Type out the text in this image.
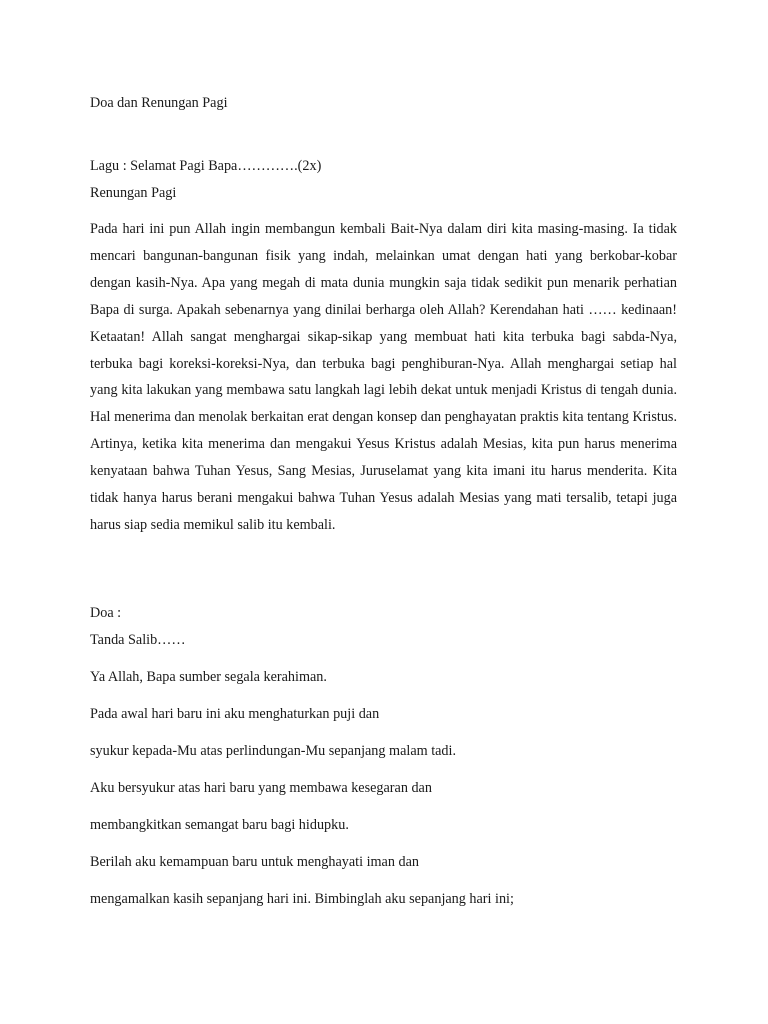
Doa dan Renungan Pagi
Lagu : Selamat Pagi Bapa………….(2x)
Renungan Pagi
Pada hari ini pun Allah ingin membangun kembali Bait-Nya dalam diri kita masing-masing. Ia tidak mencari bangunan-bangunan fisik yang indah, melainkan umat dengan hati yang berkobar-kobar dengan kasih-Nya. Apa yang megah di mata dunia mungkin saja tidak sedikit pun menarik perhatian Bapa di surga. Apakah sebenarnya yang dinilai berharga oleh Allah? Kerendahan hati …… kedinaan! Ketaatan! Allah sangat menghargai sikap-sikap yang membuat hati kita terbuka bagi sabda-Nya, terbuka bagi koreksi-koreksi-Nya, dan terbuka bagi penghiburan-Nya. Allah menghargai setiap hal yang kita lakukan yang membawa satu langkah lagi lebih dekat untuk menjadi Kristus di tengah dunia. Hal menerima dan menolak berkaitan erat dengan konsep dan penghayatan praktis kita tentang Kristus. Artinya, ketika kita menerima dan mengakui Yesus Kristus adalah Mesias, kita pun harus menerima kenyataan bahwa Tuhan Yesus, Sang Mesias, Juruselamat yang kita imani itu harus menderita. Kita tidak hanya harus berani mengakui bahwa Tuhan Yesus adalah Mesias yang mati tersalib, tetapi juga harus siap sedia memikul salib itu kembali.
Doa :
Tanda Salib……
Ya Allah, Bapa sumber segala kerahiman.
Pada awal hari baru ini aku menghaturkan puji dan
syukur kepada-Mu atas perlindungan-Mu sepanjang malam tadi.
Aku bersyukur atas hari baru yang membawa kesegaran dan
membangkitkan semangat baru bagi hidupku.
Berilah aku kemampuan baru untuk menghayati iman dan
mengamalkan kasih sepanjang hari ini. Bimbinglah aku sepanjang hari ini;
